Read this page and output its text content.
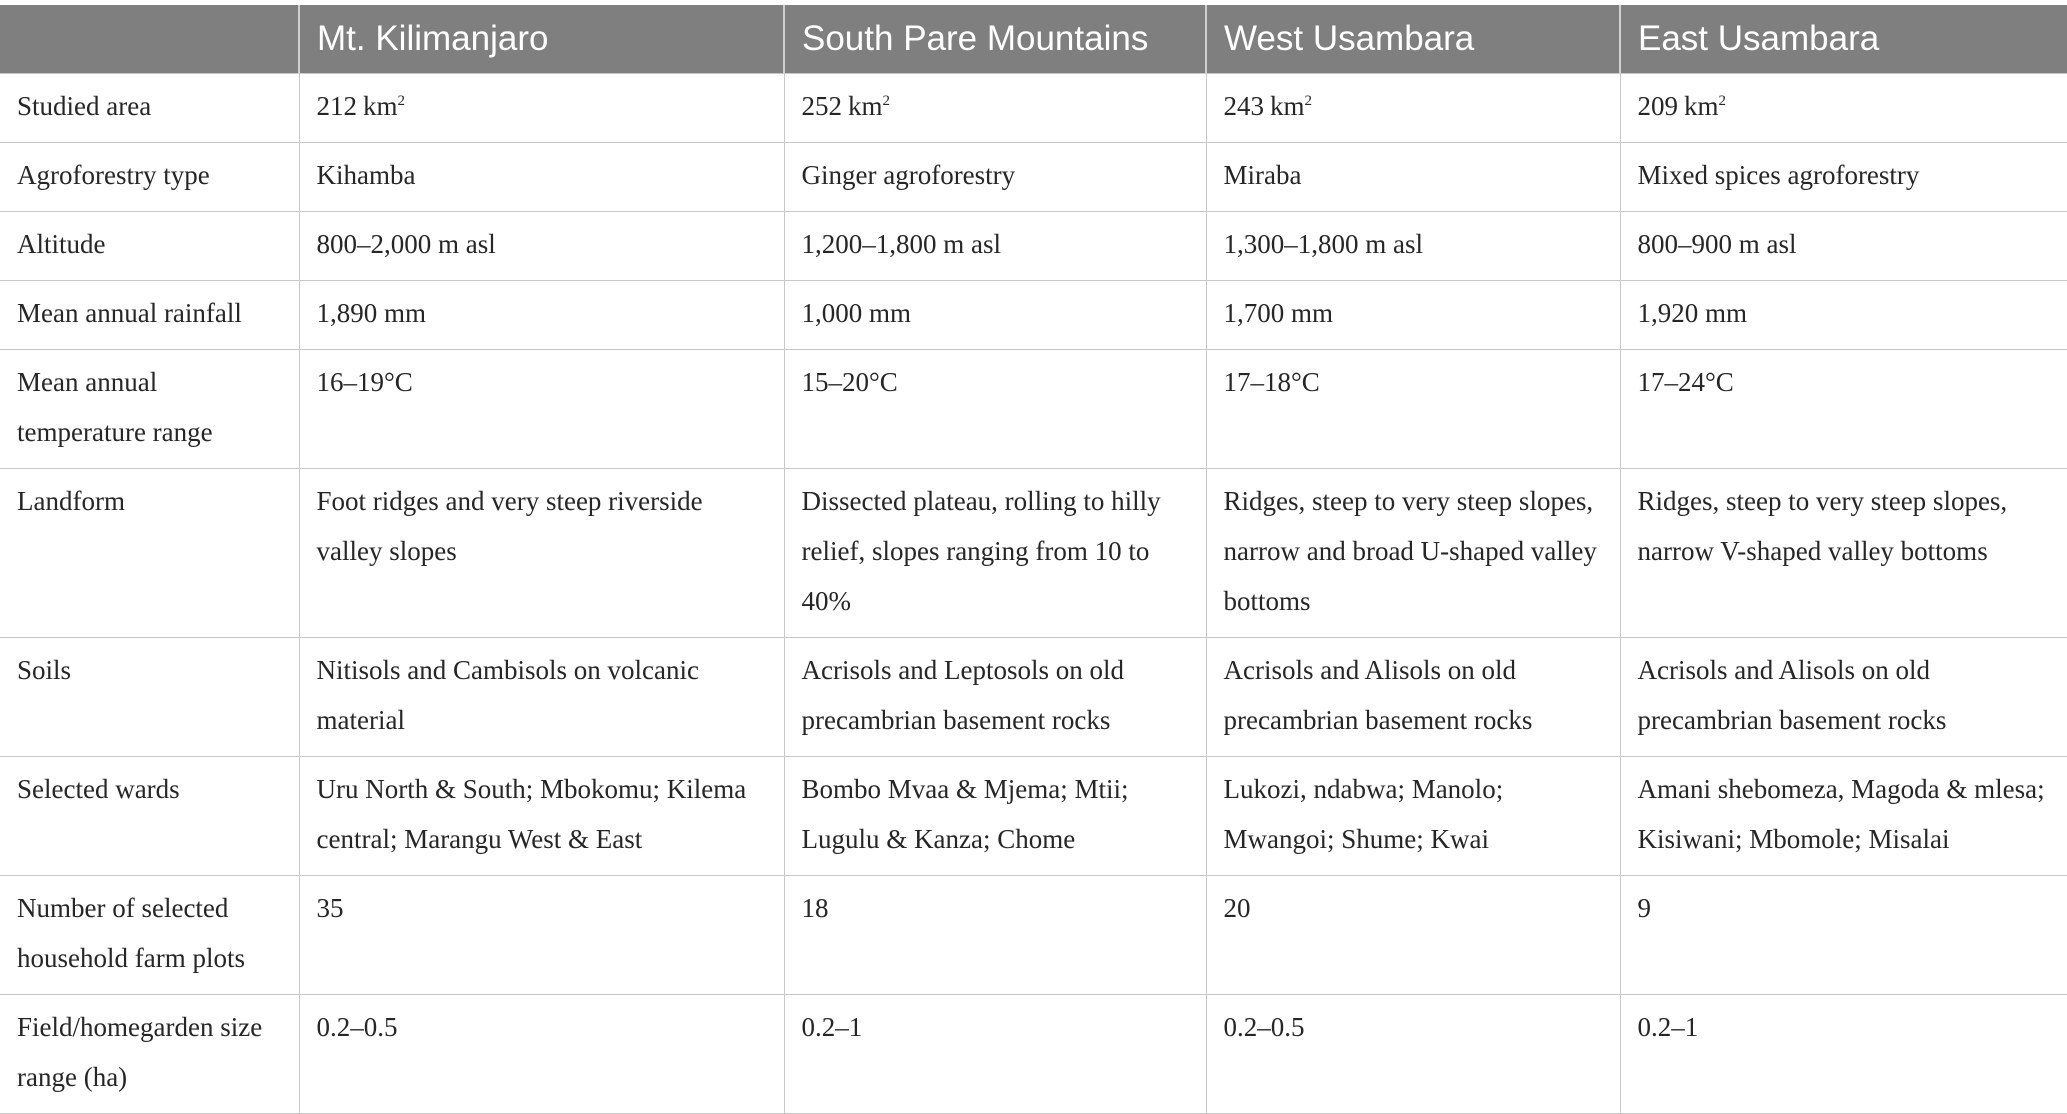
	Mt. Kilimanjaro	South Pare Mountains	West Usambara	East Usambara
Studied area	212 $km^2$	252 $km^2$	243 $km^2$	209 $km^2$
Agroforestry type	Kihamba	Ginger agroforestry	Miraba	Mixed spices agroforestry
Altitude	800–2,000 m asl	1,200–1,800 m asl	1,300–1,800 m asl	800–900 m asl
Mean annual rainfall	1,890 mm	1,000 mm	1,700 mm	1,920 mm
Mean annual temperature range	16–19°C	15–20°C	17–18°C	17–24°C
Landform	Foot ridges and very steep riverside valley slopes	Dissected plateau, rolling to hilly relief, slopes ranging from 10 to 40%	Ridges, steep to very steep slopes, narrow and broad U-shaped valley bottoms	Ridges, steep to very steep slopes, narrow V-shaped valley bottoms
Soils	Nitisols and Cambisols on volcanic material	Acrisols and Leptosols on old precambrian basement rocks	Acrisols and Alisols on old precambrian basement rocks	Acrisols and Alisols on old precambrian basement rocks
Selected wards	Uru North & South; Mbokomu; Kilema central; Marangu West & East	Bombo Mvaa & Mjema; Mtii; Lugulu & Kanza; Chome	Lukozi, ndabwa; Manolo; Mwangoi; Shume; Kwai	Amani shebomeza, Magoda & mlesa; Kisiwani; Mbomole; Misalai
Number of selected household farm plots	35	18	20	9
Field/homegarden size range (ha)	0.2–0.5	0.2–1	0.2–0.5	0.2–1
